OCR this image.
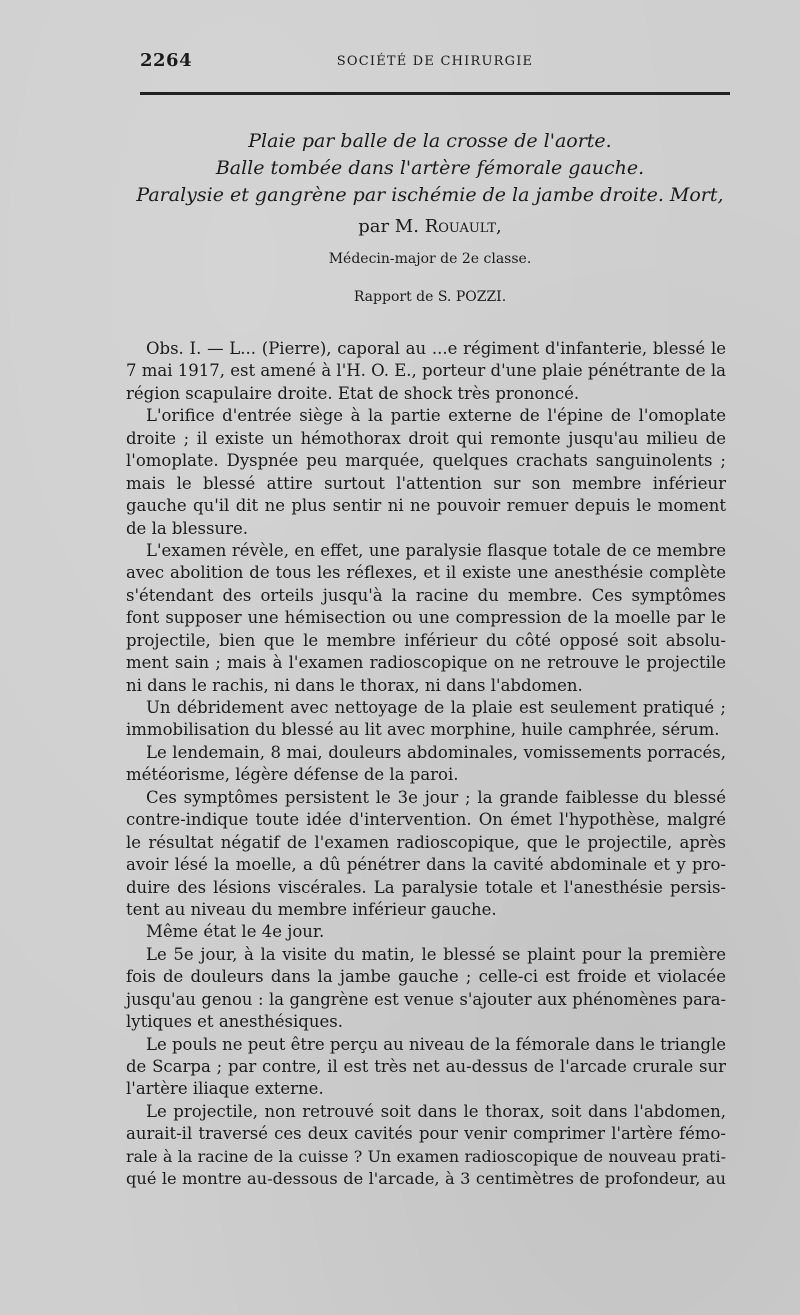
2264	SOCIÉTÉ DE CHIRURGIE
Plaie par balle de la crosse de l'aorte.
Balle tombée dans l'artère fémorale gauche.
Paralysie et gangrène par ischémie de la jambe droite. Mort,
par M. Rouault,
Médecin-major de 2e classe.
Rapport de S. POZZI.
Obs. I. — L... (Pierre), caporal au ...e régiment d'infanterie, blessé le
7 mai 1917, est amené à l'H. O. E., porteur d'une plaie pénétrante de la
région scapulaire droite. Etat de shock très prononcé.
L'orifice d'entrée siège à la partie externe de l'épine de l'omoplate
droite ; il existe un hémothorax droit qui remonte jusqu'au milieu de
l'omoplate. Dyspnée peu marquée, quelques crachats sanguinolents ;
mais le blessé attire surtout l'attention sur son membre inférieur
gauche qu'il dit ne plus sentir ni ne pouvoir remuer depuis le moment
de la blessure.
L'examen révèle, en effet, une paralysie flasque totale de ce membre
avec abolition de tous les réflexes, et il existe une anesthésie complète
s'étendant des orteils jusqu'à la racine du membre. Ces symptômes
font supposer une hémisection ou une compression de la moelle par le
projectile, bien que le membre inférieur du côté opposé soit absolu-
ment sain ; mais à l'examen radioscopique on ne retrouve le projectile
ni dans le rachis, ni dans le thorax, ni dans l'abdomen.
Un débridement avec nettoyage de la plaie est seulement pratiqué ;
immobilisation du blessé au lit avec morphine, huile camphrée, sérum.
Le lendemain, 8 mai, douleurs abdominales, vomissements porracés,
météorisme, légère défense de la paroi.
Ces symptômes persistent le 3e jour ; la grande faiblesse du blessé
contre-indique toute idée d'intervention. On émet l'hypothèse, malgré
le résultat négatif de l'examen radioscopique, que le projectile, après
avoir lésé la moelle, a dû pénétrer dans la cavité abdominale et y pro-
duire des lésions viscérales. La paralysie totale et l'anesthésie persis-
tent au niveau du membre inférieur gauche.
Même état le 4e jour.
Le 5e jour, à la visite du matin, le blessé se plaint pour la première
fois de douleurs dans la jambe gauche ; celle-ci est froide et violacée
jusqu'au genou : la gangrène est venue s'ajouter aux phénomènes para-
lytiques et anesthésiques.
Le pouls ne peut être perçu au niveau de la fémorale dans le triangle
de Scarpa ; par contre, il est très net au-dessus de l'arcade crurale sur
l'artère iliaque externe.
Le projectile, non retrouvé soit dans le thorax, soit dans l'abdomen,
aurait-il traversé ces deux cavités pour venir comprimer l'artère fémo-
rale à la racine de la cuisse ? Un examen radioscopique de nouveau prati-
qué le montre au-dessous de l'arcade, à 3 centimètres de profondeur, au
